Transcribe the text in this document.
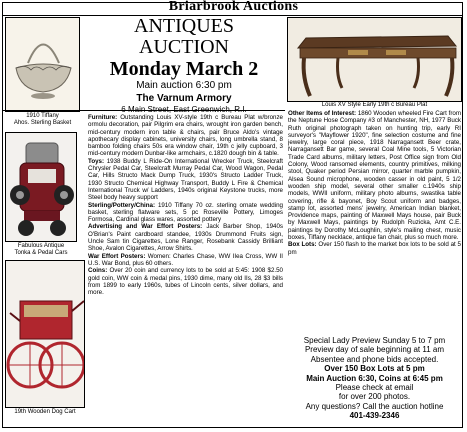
Briarbrook Auctions
1910 Tiffany
Ahos. Sterling Basket
ANTIQUES
AUCTION
Monday March 2
Main auction 6:30 pm
The Varnum Armory
6 Main Street, East Greenwich, R.I.	Louis XV Style Early 19th c Bureau Plat
Fabulous Antique
Tonka & Pedal Cars
19th Wooden Dog Cart

Furniture: Outstanding Louis XV-style 19th c Bureau Plat w/bronze ormolu decoration, pair Pilgrim era chairs, wrought iron garden bench, mid-century modern iron table & chairs, pair Bruce Aldo's vintage apothecary display cabinets, university chairs, long umbrella stand, 8 bamboo folding chairs 50s era window chair, 19th c jelly cupboard, 3 mid-century modern Dunbar-like armchairs, c.1820 dough bin & table.

Toys: 1938 Buddy L Ride-On International Wrecker Truck, Steelcraft Chrysler Pedal Car, Steelcraft Murray Pedal Car, Wood Wagon, Pedal Car, Hills Structo Mack Dump Truck, 1930's Structo Ladder Truck, 1930 Structo Chemical Highway Transport, Buddy L Fire & Chemical International Truck w/ Ladders, 1940s original Keystone trucks, more Steel body heavy support

Sterling/Pottery/China: 1910 Tiffany 70 oz. sterling ornate wedding basket, sterling flatware sets, 5 pc Roseville Pottery, Limoges Formosa, Cardinal glass wares, assorted pottery

Advertising and War Effort Posters: Jack Barber Shop, 1940s O'Brian's Paint cardboard standee, 1930s Drummond Fruits sign, Uncle Sam tin Cigarettes, Lone Ranger, Rosebank Cassidy Brilliant Shoe, Avalon Cigarettes, Arrow Shirts.

War Effort Posters: Women: Charles Chase, WW IIea Cross, WW II U.S. War Bond, plus 60 others.

Coins: Over 20 coin and currency lots to be sold at 5:45: 1908 $2.50 gold coin, WW coin & medal pins, 1930 dime, many old IIs, 28 $3 bills from 1899 to early 1960s, tubes of Lincoln cents, silver dollars, and more.

Other Items of Interest: 1860 Wooden wheeled Fire Cart from the Neptune Hose Company #3 of Manchester, NH, 1977 Buck Ruth original photograph taken on hunting trip, early RI surveyor's "Mayflower 1920", fine selection costume and fine jewelry, large coral piece, 1918 Narragansett Beer crate, Narragansett Bar game, several Coal Mine tools, 5 Victorian Trade Card albums, military letters, Post Office sign from Old Colony, Wood ransomed elements, country primitives, milking stool, Quaker period Persian mirror, quarter marble pumpkin, Alsea Sound microphone, wooden casser in old paint, 5 1/2 wooden ship model, several other smaller c.1940s ship models, WWII uniform, military photo albums, swastika table covering, rifle & bayonet, Boy Scout uniform and badges, stamp lot, assorted mens' jewelry, American Indian blanket, Providence maps, painting of Maxwell Mays house, pair Buck by Maxwell Mays, paintings by Rudolph Ruzicka, Amt C.E. paintings by Dorothy McLoughlin, style's mailing chest, music boxes, Tiffany necklace, antique fan chair, plus so much more.

Box Lots: Over 150 flash to the market box lots to be sold at 5 pm

Special Lady Preview Sunday 5 to 7 pm
Preview day of sale beginning at 11 am
Absentee and phone bids accepted.
Over 150 Box Lots at 5 pm
Main Auction 6:30, Coins at 6:45 pm
Please check at email
for over 200 photos.
Any questions? Call the auction hotline
401-439-2346
